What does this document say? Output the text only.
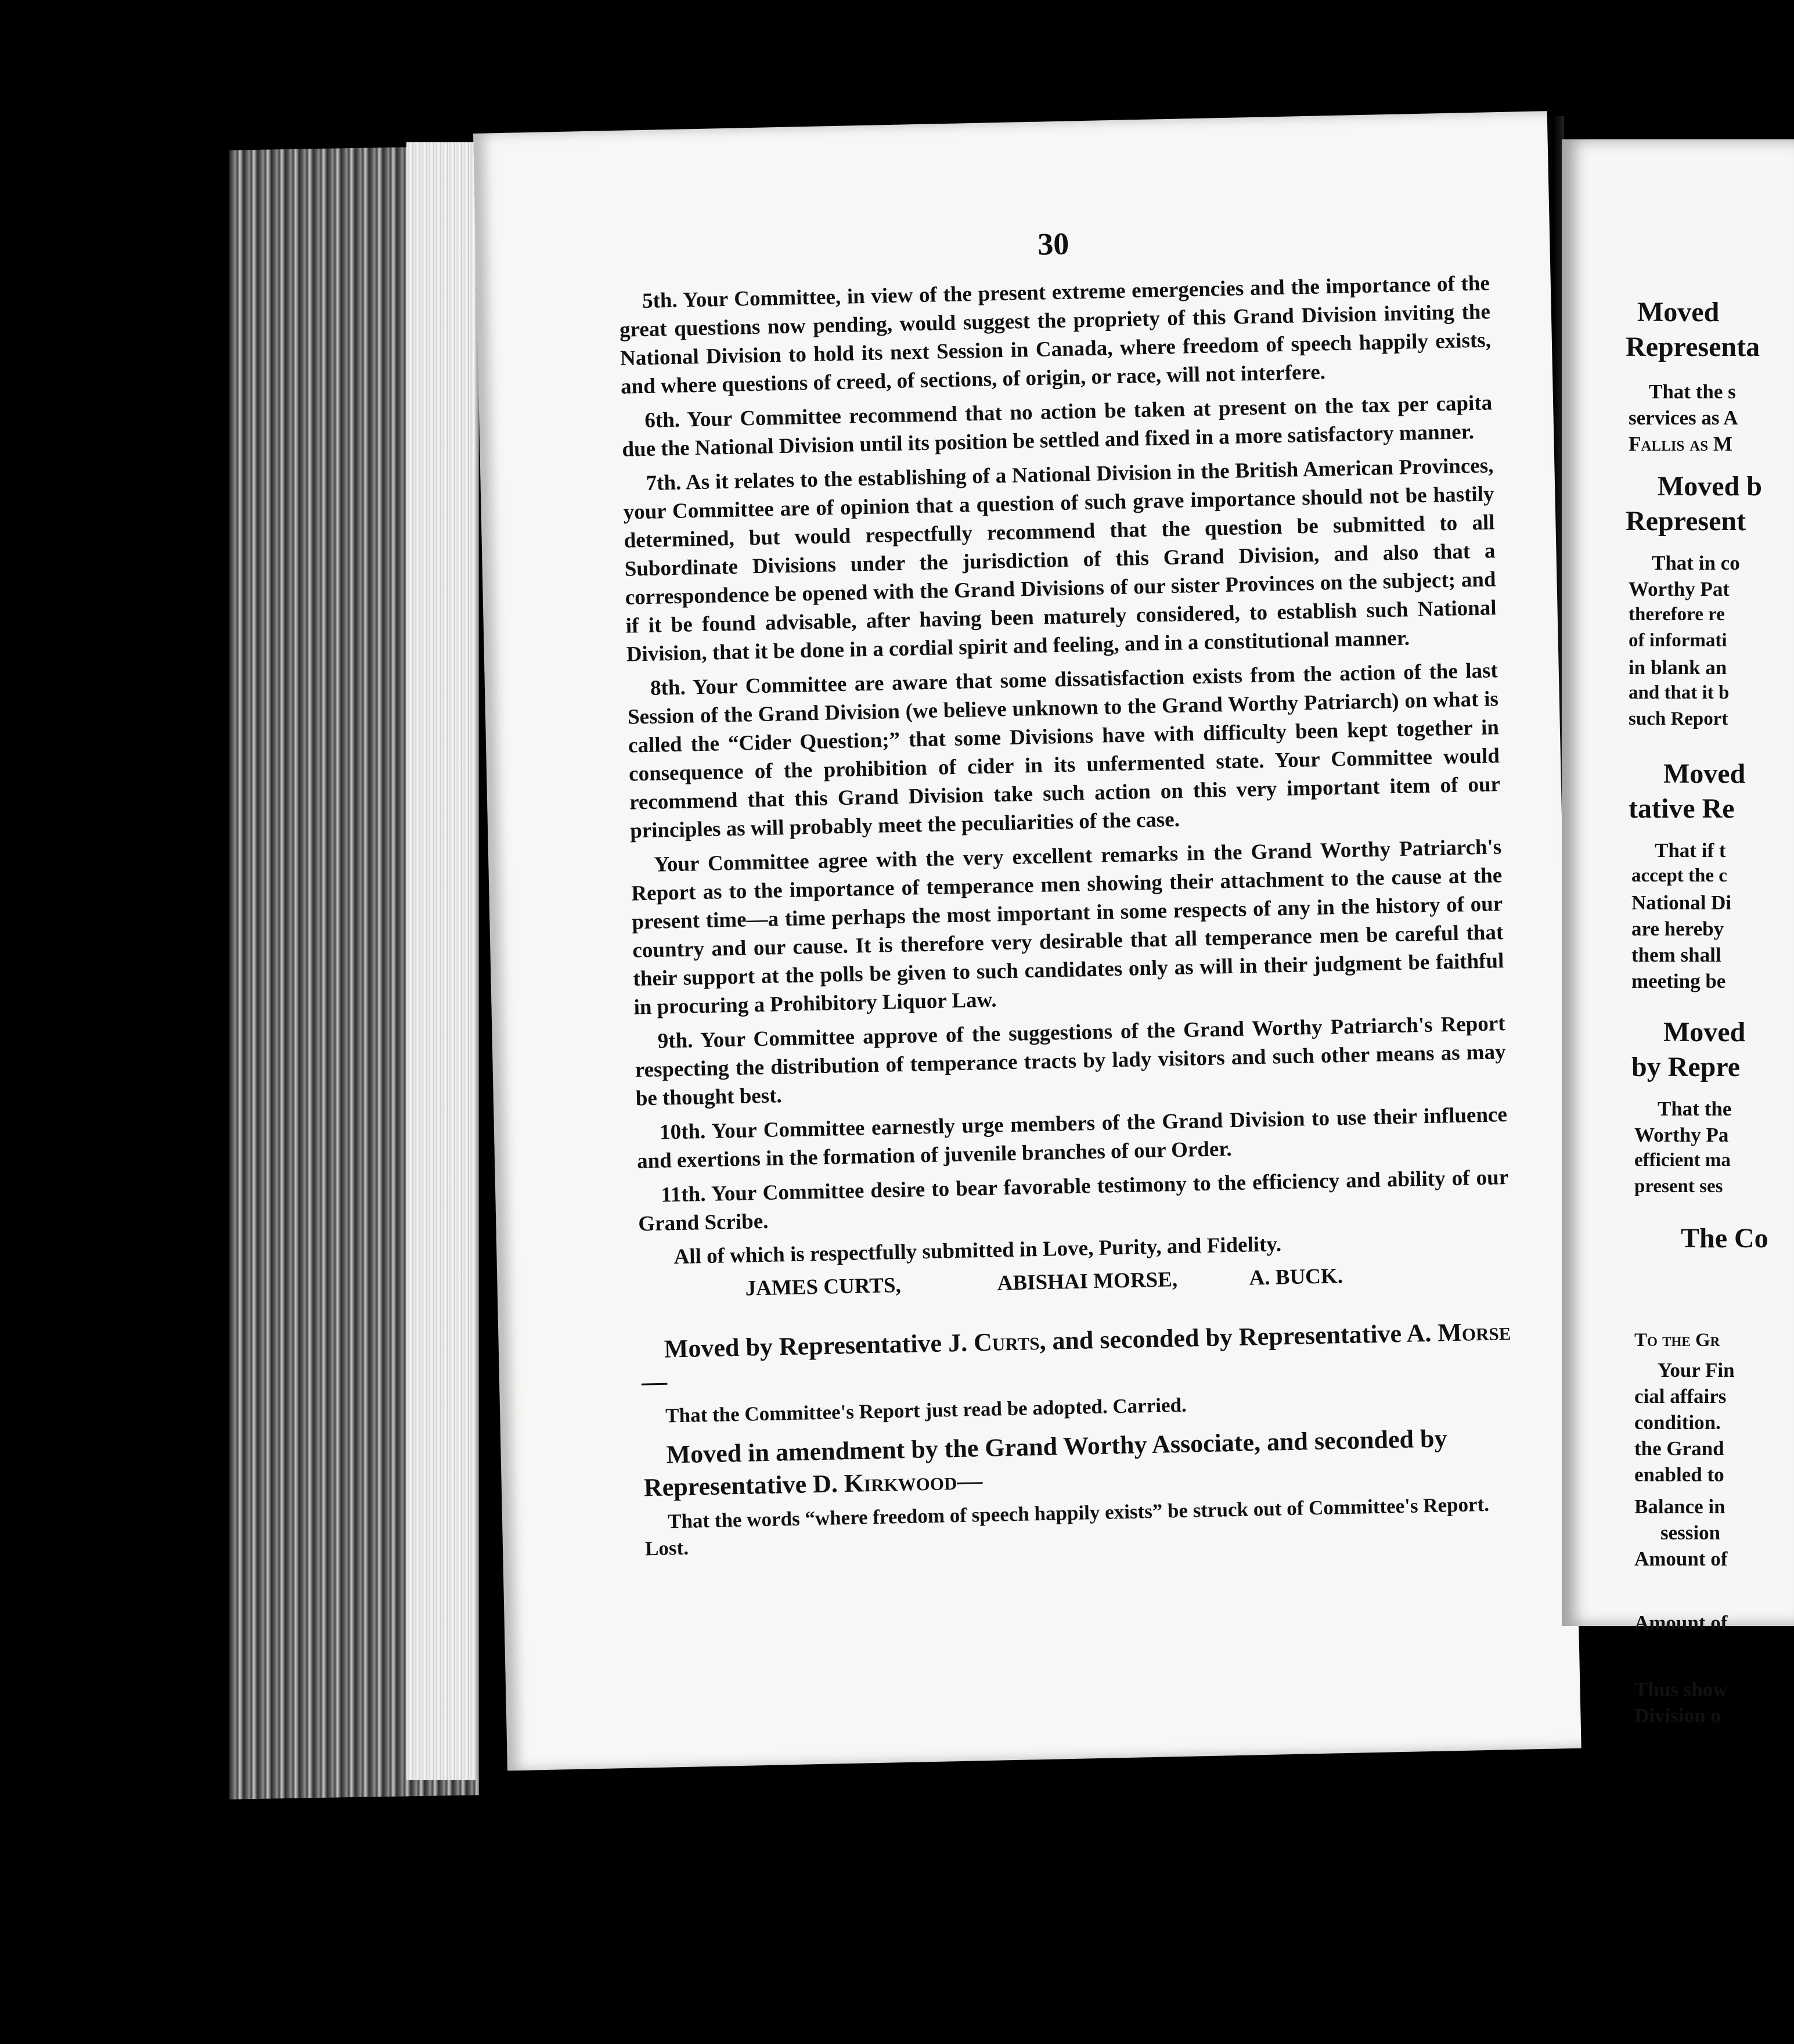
30

5th. Your Committee, in view of the present extreme emergencies and the importance of the great questions now pending, would suggest the propriety of this Grand Division inviting the National Division to hold its next Session in Canada, where freedom of speech happily exists, and where questions of creed, of sections, of origin, or race, will not interfere.

6th. Your Committee recommend that no action be taken at present on the tax per capita due the National Division until its position be settled and fixed in a more satisfactory manner.

7th. As it relates to the establishing of a National Division in the British American Provinces, your Committee are of opinion that a question of such grave importance should not be hastily determined, but would respectfully recommend that the question be submitted to all Subordinate Divisions under the jurisdiction of this Grand Division, and also that a correspondence be opened with the Grand Divisions of our sister Provinces on the subject; and if it be found advisable, after having been maturely considered, to establish such National Division, that it be done in a cordial spirit and feeling, and in a constitutional manner.

8th. Your Committee are aware that some dissatisfaction exists from the action of the last Session of the Grand Division (we believe unknown to the Grand Worthy Patriarch) on what is called the “Cider Question;” that some Divisions have with difficulty been kept together in consequence of the prohibition of cider in its unfermented state. Your Committee would recommend that this Grand Division take such action on this very important item of our principles as will probably meet the peculiarities of the case.

Your Committee agree with the very excellent remarks in the Grand Worthy Patriarch's Report as to the importance of temperance men showing their attachment to the cause at the present time—a time perhaps the most important in some respects of any in the history of our country and our cause. It is therefore very desirable that all temperance men be careful that their support at the polls be given to such candidates only as will in their judgment be faithful in procuring a Prohibitory Liquor Law.

9th. Your Committee approve of the suggestions of the Grand Worthy Patriarch's Report respecting the distribution of temperance tracts by lady visitors and such other means as may be thought best.

10th. Your Committee earnestly urge members of the Grand Division to use their influence and exertions in the formation of juvenile branches of our Order.

11th. Your Committee desire to bear favorable testimony to the efficiency and ability of our Grand Scribe.

All of which is respectfully submitted in Love, Purity, and Fidelity.
JAMES CURTS,	ABISHAI MORSE,	A. BUCK.

Moved by Representative J. Curts, and seconded by Representative A. Morse—

That the Committee's Report just read be adopted. Carried.

Moved in amendment by the Grand Worthy Associate, and seconded by Representative D. Kirkwood—

That the words “where freedom of speech happily exists” be struck out of Committee's Report. Lost.

Moved
Representa
That the s
services as A
Fallis as M
Moved b
Represent
That in co
Worthy Pat
therefore re
of informati
in blank an
and that it b
such Report
Moved
tative Re
That if t
accept the c
National Di
are hereby
them shall
meeting be
Moved
by Repre
That the
Worthy Pa
efficient ma
present ses
The Co
To the Gr
Your Fin
cial affairs
condition.
the Grand
enabled to
Balance in
session
Amount of
Amount of
Thus show
Division o
